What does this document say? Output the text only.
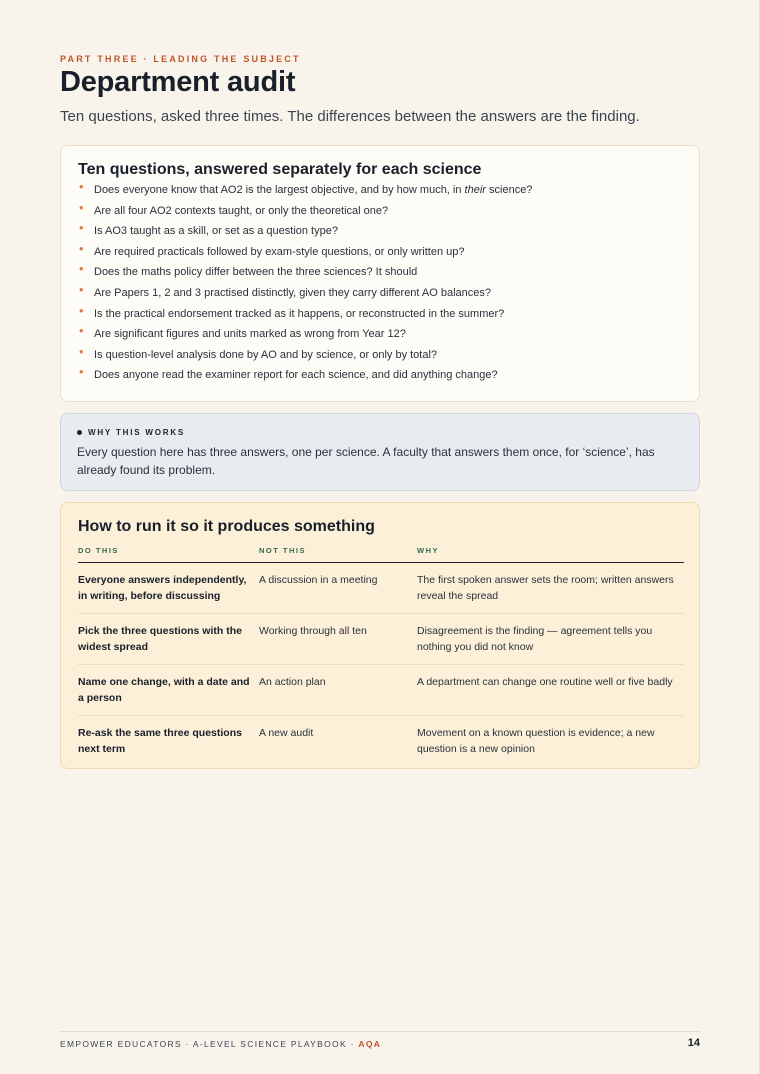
PART THREE · LEADING THE SUBJECT
Department audit

Ten questions, asked three times. The differences between the answers are the finding.

Ten questions, answered separately for each science
• Does everyone know that AO2 is the largest objective, and by how much, in their science?
• Are all four AO2 contexts taught, or only the theoretical one?
• Is AO3 taught as a skill, or set as a question type?
• Are required practicals followed by exam-style questions, or only written up?
• Does the maths policy differ between the three sciences? It should
• Are Papers 1, 2 and 3 practised distinctly, given they carry different AO balances?
• Is the practical endorsement tracked as it happens, or reconstructed in the summer?
• Are significant figures and units marked as wrong from Year 12?
• Is question-level analysis done by AO and by science, or only by total?
• Does anyone read the examiner report for each science, and did anything change?
WHY THIS WORKS

Every question here has three answers, one per science. A faculty that answers them once, for ‘science’, has already found its problem.

How to run it so it produces something
DO THIS	NOT THIS	WHY
Everyone answers independently, in writing, before discussing	A discussion in a meeting	The first spoken answer sets the room; written answers reveal the spread
Pick the three questions with the widest spread	Working through all ten	Disagreement is the finding — agreement tells you nothing you did not know
Name one change, with a date and a person	An action plan	A department can change one routine well or five badly
Re-ask the same three questions next term	A new audit	Movement on a known question is evidence; a new question is a new opinion
EMPOWER EDUCATORS · A-LEVEL SCIENCE PLAYBOOK · AQA	14
